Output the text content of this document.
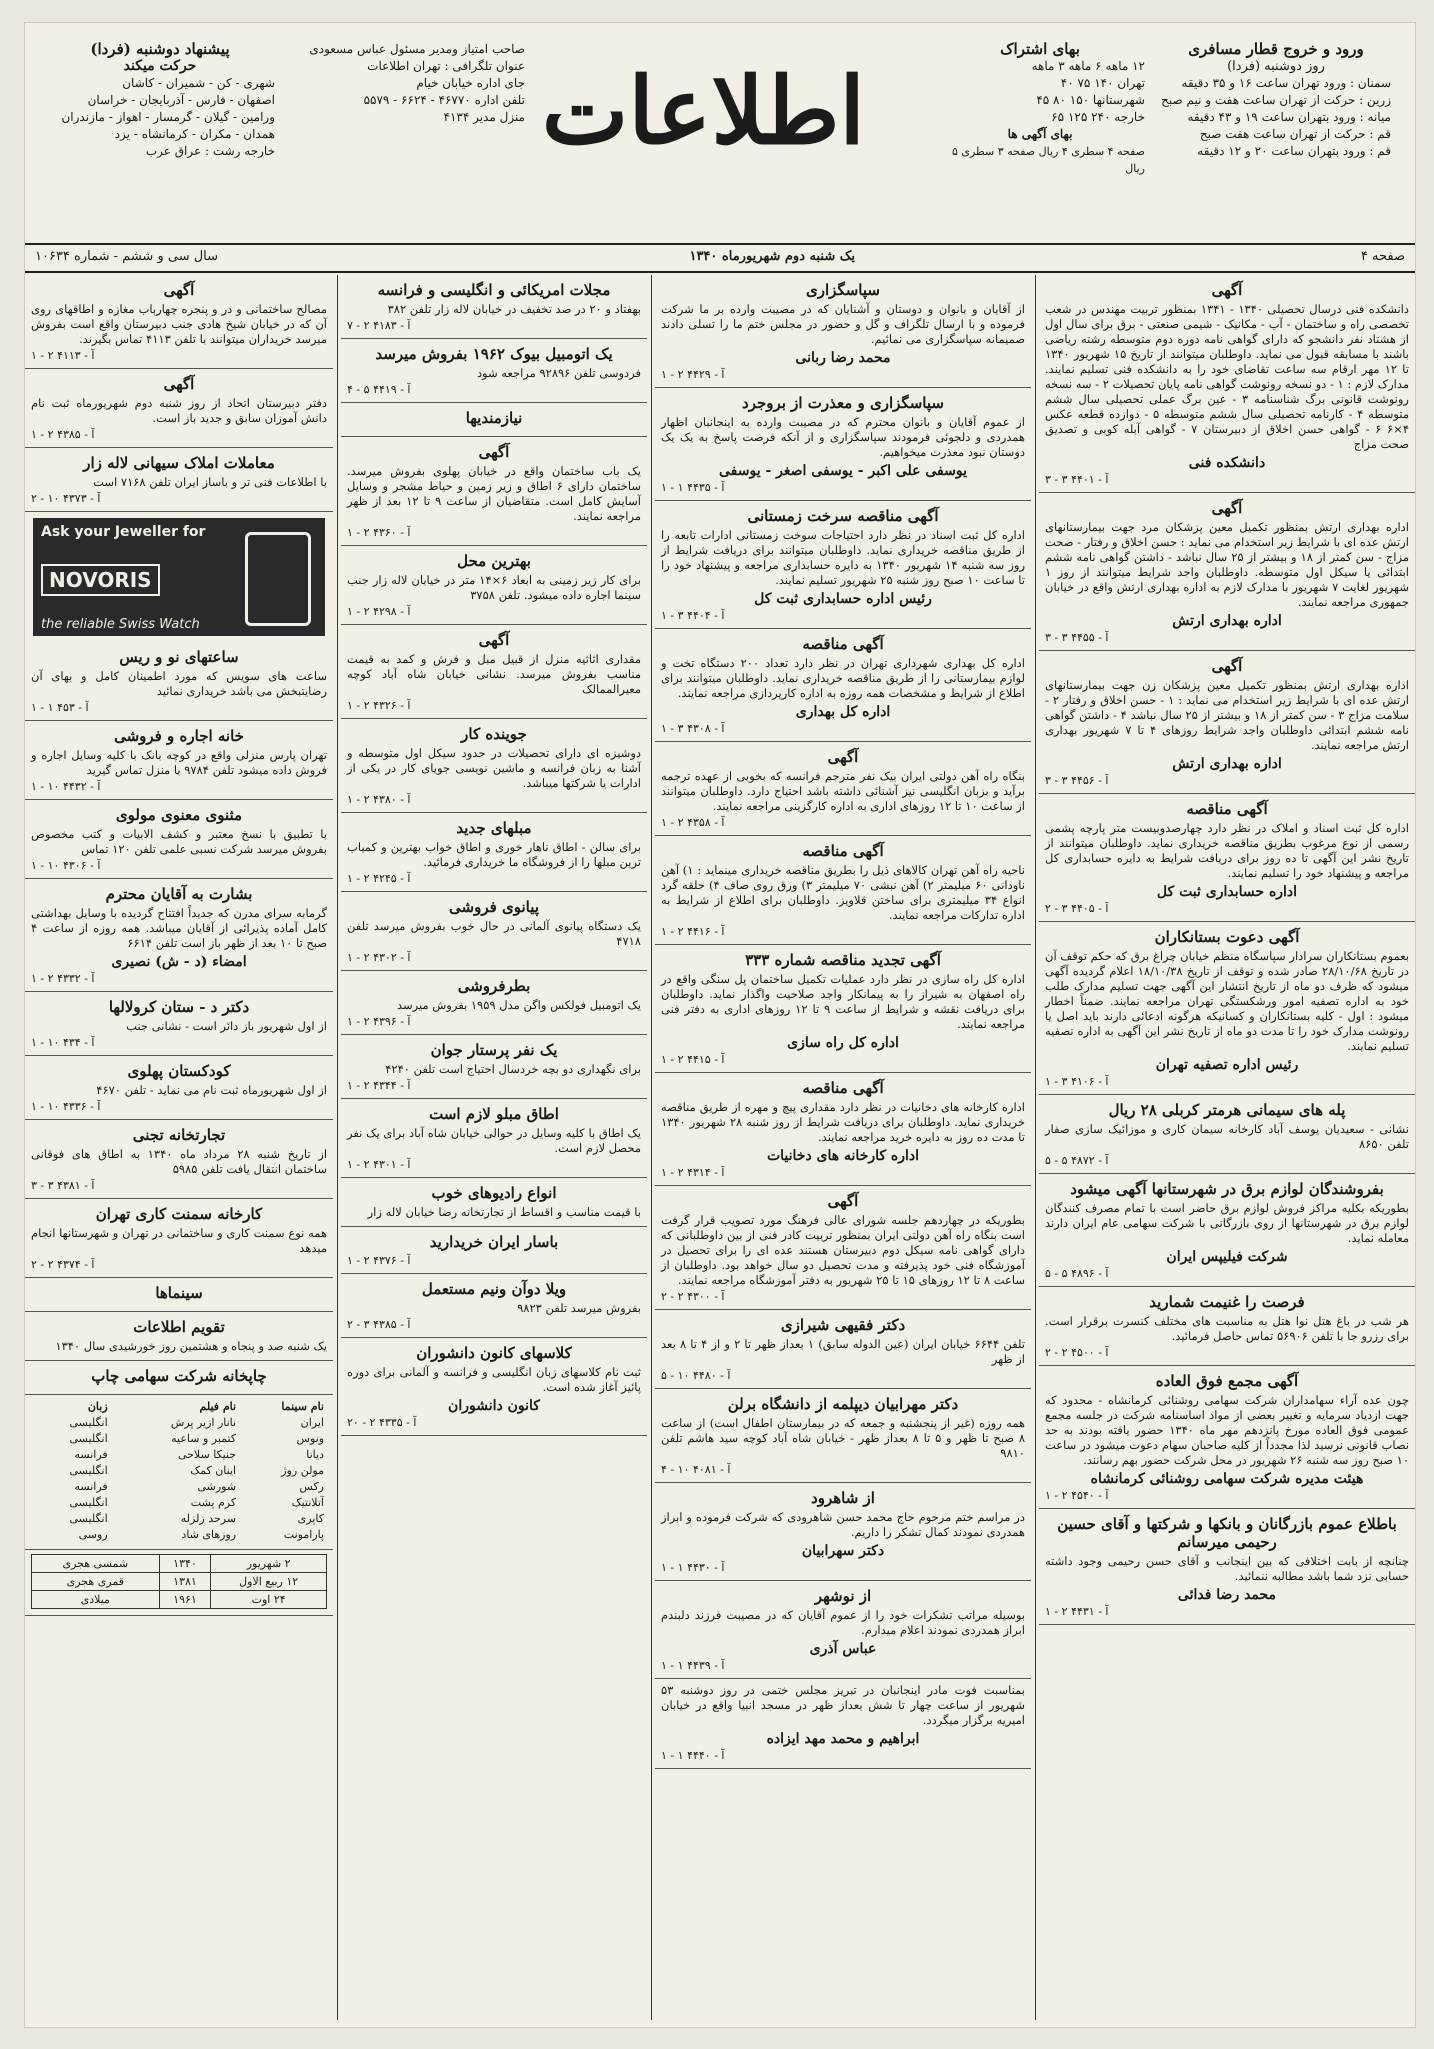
ورود و خروج قطار مسافری
روز دوشنبه (فردا)
سمنان : ورود تهران ساعت ۱۶ و ۳۵ دقیقه
زرین : حرکت از تهران ساعت هفت و نیم صبح
میانه : ورود بتهران ساعت ۱۹ و ۴۳ دقیقه
قم : حرکت از تهران ساعت هفت صبح
قم : ورود بتهران ساعت ۲۰ و ۱۲ دقیقه
بهای اشتراک
۱۲ ماهه ۶ ماهه ۳ ماهه
تهران ۱۴۰ ۷۵ ۴۰
شهرستانها ۱۵۰ ۸۰ ۴۵
خارجه ۲۴۰ ۱۲۵ ۶۵
بهای آگهی ها
صفحه ۴ سطری ۴ ریال صفحه ۳ سطری ۵ ریال
اطلاعات
صاحب امتیاز ومدیر مسئول عباس مسعودی
عنوان تلگرافی : تهران اطلاعات
جای اداره خیابان خیام
تلفن اداره ۴۶۷۷۰ - ۶۶۲۴ - ۵۵۷۹
منزل مدیر ۴۱۳۴
پیشنهاد دوشنبه (فردا)
حرکت میکند
شهری - کن - شمیران - کاشان
اصفهان - فارس - آذربایجان - خراسان
ورامین - گیلان - گرمسار - اهواز - مازندران
همدان - مکران - کرمانشاه - یزد
خارجه رشت : عراق عرب
صفحه ۴
یک شنبه دوم شهریورماه ۱۳۴۰
سال سی و ششم - شماره ۱۰۶۳۴
آگهی

دانشکده فنی درسال تحصیلی ۱۳۴۰ - ۱۳۴۱ بمنظور تربیت مهندس در شعب تخصصی راه و ساختمان - آب - مکانیک - شیمی صنعتی - برق برای سال اول از هشتاد نفر دانشجو که دارای گواهی نامه دوره دوم متوسطه رشته ریاضی باشند با مسابقه قبول می نماید. داوطلبان میتوانند از تاریخ ۱۵ شهریور ۱۳۴۰ تا ۱۲ مهر ارقام سه ساعت تقاضای خود را به دانشکده فنی تسلیم نمایند. مدارک لازم : ۱ - دو نسخه رونوشت گواهی نامه پایان تحصیلات ۲ - سه نسخه رونوشت قانونی برگ شناسنامه ۳ - عین برگ عملی تحصیلی سال ششم متوسطه ۴ - کارنامه تحصیلی سال ششم متوسطه ۵ - دوازده قطعه عکس ۴×۶ ۶ - گواهی حسن اخلاق از دبیرستان ۷ - گواهی آبله کوبی و تصدیق صحت مزاج

دانشکده فنی
آ - ۴۴۰۱ ۳ - ۳
آگهی

اداره بهداری ارتش بمنظور تکمیل معین پزشکان مرد جهت بیمارستانهای ارتش عده ای با شرایط زیر استخدام می نماید : حسن اخلاق و رفتار - صحت مزاج - سن کمتر از ۱۸ و بیشتر از ۲۵ سال نباشد - داشتن گواهی نامه ششم ابتدائی یا سیکل اول متوسطه. داوطلبان واجد شرایط میتوانند از روز ۱ شهریور لغایت ۷ شهریور با مدارک لازم به اداره بهداری ارتش واقع در خیابان جمهوری مراجعه نمایند.

اداره بهداری ارتش
آ - ۴۴۵۵ ۳ - ۳
آگهی

اداره بهداری ارتش بمنظور تکمیل معین پزشکان زن جهت بیمارستانهای ارتش عده ای با شرایط زیر استخدام می نماید : ۱ - حسن اخلاق و رفتار ۲ - سلامت مزاج ۳ - سن کمتر از ۱۸ و بیشتر از ۲۵ سال نباشد ۴ - داشتن گواهی نامه ششم ابتدائی داوطلبان واجد شرایط روزهای ۴ تا ۷ شهریور بهداری ارتش مراجعه نمایند.

اداره بهداری ارتش
آ - ۴۴۵۶ ۳ - ۳
آگهی مناقصه

اداره کل ثبت اسناد و املاک در نظر دارد چهارصدوبیست متر پارچه پشمی رسمی از نوع مرغوب بطریق مناقصه خریداری نماید. داوطلبان میتوانند از تاریخ نشر این آگهی تا ده روز برای دریافت شرایط به دایره حسابداری کل مراجعه و پیشنهاد خود را تسلیم نمایند.

اداره حسابداری ثبت کل
آ - ۴۴۰۵ ۳ - ۲
آگهی دعوت بستانکاران

بعموم بستانکاران سرادار سپاسگاه منظم خیابان چراغ برق که حکم توقف آن در تاریخ ۲۸/۱۰/۶۸ صادر شده و توقف از تاریخ ۱۸/۱۰/۳۸ اعلام گردیده آگهی میشود که ظرف دو ماه از تاریخ انتشار این آگهی جهت تسلیم مدارک طلب خود به اداره تصفیه امور ورشکستگی تهران مراجعه نمایند. ضمناً اخطار میشود : اول - کلیه بستانکاران و کسانیکه هرگونه ادعائی دارند باید اصل یا رونوشت مدارک خود را تا مدت دو ماه از تاریخ نشر این آگهی به اداره تصفیه تسلیم نمایند.

رئیس اداره تصفیه تهران
آ - ۴۱۰۶ ۳ - ۱
پله های سیمانی هرمتر کربلی ۲۸ ریال

نشانی - سعیدیان یوسف آباد کارخانه سیمان کاری و موزائیک سازی صفار تلفن ۸۶۵۰

آ - ۴۸۷۲ ۵ - ۵
بفروشندگان لوازم برق در شهرستانها آگهی میشود

بطوریکه بکلیه مراکز فروش لوازم برق حاضر است با تمام مصرف کنندگان لوازم برق در شهرستانها از روی بازرگانی با شرکت سهامی عام ایران دارند معامله نماید.

شرکت فیلیپس ایران
آ - ۴۸۹۶ ۵ - ۵
فرصت را غنیمت شمارید

هر شب در باغ هتل نوا هتل به مناسبت های مختلف کنسرت برقرار است. برای رزرو جا با تلفن ۵۶۹۰۶ تماس حاصل فرمائید.

آ - ۴۵۰۰ ۲ - ۲
آگهی مجمع فوق العاده

چون عده آراء سهامداران شرکت سهامی روشنائی کرمانشاه - محدود که جهت ازدیاد سرمایه و تغییر بعضی از مواد اساسنامه شرکت در جلسه مجمع عمومی فوق العاده مورخ پانزدهم مهر ماه ۱۳۴۰ حضور یافته بودند به حد نصاب قانونی نرسید لذا مجدداً از کلیه صاحبان سهام دعوت میشود در ساعت ۱۰ صبح روز سه شنبه ۲۶ شهریور در محل شرکت حضور بهم رسانند.

هیئت مدیره شرکت سهامی روشنائی کرمانشاه
آ - ۴۵۴۰ ۲ - ۱
باطلاع عموم بازرگانان و بانکها و شرکتها و آقای حسین رحیمی میرسانم

چنانچه از بابت اختلافی که بین اینجانب و آقای حسن رحیمی وجود داشته حسابی نزد شما باشد مطالبه ننمائید.

محمد رضا فدائی
آ - ۴۴۳۱ ۲ - ۱
سپاسگزاری

از آقایان و بانوان و دوستان و آشنایان که در مصیبت وارده بر ما شرکت فرموده و با ارسال تلگراف و گل و حضور در مجلس ختم ما را تسلی دادند صمیمانه سپاسگزاری می نمائیم.

محمد رضا ربانی
آ - ۴۴۲۹ ۲ - ۱
سپاسگزاری و معذرت از بروجرد

از عموم آقایان و بانوان محترم که در مصیبت وارده به اینجانبان اظهار همدردی و دلجوئی فرمودند سپاسگزاری و از آنکه فرصت پاسخ به یک یک دوستان نبود معذرت میخواهیم.

یوسفی علی اکبر - یوسفی اصغر - یوسفی
آ - ۴۴۳۵ ۱ - ۱
آگهی مناقصه سرخت زمستانی

اداره کل ثبت اسناد در نظر دارد احتیاجات سوخت زمستانی ادارات تابعه را از طریق مناقصه خریداری نماید. داوطلبان میتوانند برای دریافت شرایط از روز سه شنبه ۱۴ شهریور ۱۳۴۰ به دایره حسابداری مراجعه و پیشنهاد خود را تا ساعت ۱۰ صبح روز شنبه ۲۵ شهریور تسلیم نمایند.

رئیس اداره حسابداری ثبت کل
آ - ۴۴۰۴ ۳ - ۱
آگهی مناقصه

اداره کل بهداری شهرداری تهران در نظر دارد تعداد ۲۰۰ دستگاه تخت و لوازم بیمارستانی را از طریق مناقصه خریداری نماید. داوطلبان میتوانند برای اطلاع از شرایط و مشخصات همه روزه به اداره کارپردازی مراجعه نمایند.

اداره کل بهداری
آ - ۴۳۰۸ ۳ - ۱
آگهی

بنگاه راه آهن دولتی ایران بیک نفر مترجم فرانسه که بخوبی از عهده ترجمه برآید و بزبان انگلیسی نیز آشنائی داشته باشد احتیاج دارد. داوطلبان میتوانند از ساعت ۱۰ تا ۱۲ روزهای اداری به اداره کارگزینی مراجعه نمایند.

آ - ۴۳۵۸ ۲ - ۱
آگهی مناقصه

ناحیه راه آهن تهران کالاهای ذیل را بطریق مناقصه خریداری مینماید : ۱) آهن ناودانی ۶۰ میلیمتر ۲) آهن نبشی ۷۰ میلیمتر ۳) ورق روی صاف ۴) حلقه گرد انواع ۳۴ میلیمتری برای ساختن قلاویز. داوطلبان برای اطلاع از شرایط به اداره تدارکات مراجعه نمایند.

آ - ۴۴۱۶ ۲ - ۱
آگهی تجدید مناقصه شماره ۳۳۳

اداره کل راه سازی در نظر دارد عملیات تکمیل ساختمان پل سنگی واقع در راه اصفهان به شیراز را به پیمانکار واجد صلاحیت واگذار نماید. داوطلبان برای دریافت نقشه و شرایط از ساعت ۹ تا ۱۲ روزهای اداری به دفتر فنی مراجعه نمایند.

اداره کل راه سازی
آ - ۴۴۱۵ ۲ - ۱
آگهی مناقصه

اداره کارخانه های دخانیات در نظر دارد مقداری پیچ و مهره از طریق مناقصه خریداری نماید. داوطلبان برای دریافت شرایط از روز شنبه ۲۸ شهریور ۱۳۴۰ تا مدت ده روز به دایره خرید مراجعه نمایند.

اداره کارخانه های دخانیات
آ - ۴۳۱۴ ۲ - ۱
آگهی

بطوریکه در چهاردهم جلسه شورای عالی فرهنگ مورد تصویب قرار گرفت است بنگاه راه آهن دولتی ایران بمنظور تربیت کادر فنی از بین داوطلبانی که دارای گواهی نامه سیکل دوم دبیرستان هستند عده ای را برای تحصیل در آموزشگاه فنی خود پذیرفته و مدت تحصیل دو سال خواهد بود. داوطلبان از ساعت ۸ تا ۱۲ روزهای ۱۵ تا ۲۵ شهریور به دفتر آموزشگاه مراجعه نمایند.

آ - ۴۳۰۰ ۲ - ۲
دکتر فقیهی شیرازی

تلفن ۶۶۴۴ خیابان ایران (عین الدوله سابق) ۱ بعداز ظهر تا ۲ و از ۴ تا ۸ بعد از ظهر

آ - ۴۴۸۰ ۱۰ - ۵
دکتر مهرابیان دیپلمه از دانشگاه برلن

همه روزه (غیر از پنجشنبه و جمعه که در بیمارستان اطفال است) از ساعت ۸ صبح تا ظهر و ۵ تا ۸ بعداز ظهر - خیابان شاه آباد کوچه سید هاشم تلفن ۹۸۱۰

آ - ۴۰۸۱ ۱۰ - ۴
از شاهرود

در مراسم ختم مرحوم حاج محمد حسن شاهرودی که شرکت فرموده و ابراز همدردی نمودند کمال تشکر را داریم.

دکتر سهرابیان
آ - ۴۴۳۰ ۱ - ۱
از نوشهر

بوسیله مراتب تشکرات خود را از عموم آقایان که در مصیبت فرزند دلبندم ابراز همدردی نمودند اعلام میدارم.

عباس آذری
آ - ۴۴۳۹ ۱ - ۱

بمناسبت فوت مادر اینجانبان در تبریز مجلس ختمی در روز دوشنبه ۵۳ شهریور از ساعت چهار تا شش بعداز ظهر در مسجد انبیا واقع در خیابان امیریه برگزار میگردد.

ابراهیم و محمد مهد ایزاده
آ - ۴۴۴۰ ۱ - ۱
مجلات امریکائی و انگلیسی و فرانسه

بهفتاد و ۲۰ در صد تخفیف در خیابان لاله زار تلفن ۳۸۲

آ - ۴۱۸۳ ۲ - ۷
یک اتومبیل بیوک ۱۹۶۲ بفروش میرسد

فردوسی تلفن ۹۲۸۹۶ مراجعه شود

آ - ۴۴۱۹ ۵ - ۴
نیازمندیها
آگهی

یک باب ساختمان واقع در خیابان پهلوی بفروش میرسد. ساختمان دارای ۶ اطاق و زیر زمین و حیاط مشجر و وسایل آسایش کامل است. متقاضیان از ساعت ۹ تا ۱۲ بعد از ظهر مراجعه نمایند.

آ - ۴۳۶۰ ۲ - ۱
بهترین محل

برای کار زیر زمینی به ابعاد ۶×۱۴ متر در خیابان لاله زار جنب سینما اجاره داده میشود. تلفن ۳۷۵۸

آ - ۴۲۹۸ ۲ - ۱
آگهی

مقداری اثاثیه منزل از قبیل مبل و فرش و کمد به قیمت مناسب بفروش میرسد. نشانی خیابان شاه آباد کوچه معیرالممالک

آ - ۴۳۲۶ ۲ - ۱
جوینده کار

دوشیزه ای دارای تحصیلات در حدود سیکل اول متوسطه و آشنا به زبان فرانسه و ماشین نویسی جویای کار در یکی از ادارات یا شرکتها میباشد.

آ - ۴۳۸۰ ۲ - ۱
مبلهای جدید

برای سالن - اطاق ناهار خوری و اطاق خواب بهترین و کمیاب ترین مبلها را از فروشگاه ما خریداری فرمائید.

آ - ۴۲۴۵ ۲ - ۱
پیانوی فروشی

یک دستگاه پیانوی آلمانی در حال خوب بفروش میرسد تلفن ۴۷۱۸

آ - ۴۳۰۲ ۲ - ۱
بطرفروشی

یک اتومبیل فولکس واگن مدل ۱۹۵۹ بفروش میرسد

آ - ۴۳۹۶ ۲ - ۱
یک نفر پرستار جوان

برای نگهداری دو بچه خردسال احتیاج است تلفن ۴۲۴۰

آ - ۴۳۴۴ ۲ - ۱
اطاق مبلو لازم است

یک اطاق با کلیه وسایل در حوالی خیابان شاه آباد برای یک نفر محصل لازم است.

آ - ۴۳۰۱ ۲ - ۱
انواع رادیوهای خوب

با قیمت مناسب و اقساط از تجارتخانه رضا خیابان لاله زار

باسار ایران خریدارید
آ - ۴۳۷۶ ۲ - ۱
ویلا دوآن ونیم مستعمل

بفروش میرسد تلفن ۹۸۲۳

آ - ۴۳۸۵ ۳ - ۲
کلاسهای کانون دانشوران

ثبت نام کلاسهای زبان انگلیسی و فرانسه و آلمانی برای دوره پائیز آغاز شده است.

کانون دانشوران
آ - ۴۳۳۵ ۲ - ۲۰
آگهی

مصالح ساختمانی و در و پنجره چهارباب مغازه و اطاقهای روی آن که در خیابان شیخ هادی جنب دبیرستان واقع است بفروش میرسد خریداران میتوانند با تلفن ۴۱۱۳ تماس بگیرند.

آ - ۴۱۱۳ ۲ - ۱
آگهی

دفتر دبیرستان اتحاد از روز شنبه دوم شهریورماه ثبت نام دانش آموزان سابق و جدید باز است.

آ - ۴۳۸۵ ۲ - ۱
معاملات املاک سیهانی لاله زار

با اطلاعات فنی تر و باساز ایران تلفن ۷۱۶۸ است

آ - ۴۳۷۳ ۱۰ - ۲
Ask your Jeweller for
NOVORIS
the reliable Swiss Watch
ساعتهای نو و ریس

ساعت های سویس که مورد اطمینان کامل و بهای آن رضایتبخش می باشد خریداری نمائید

آ - ۴۵۳ ۱ - ۱
خانه اجاره و فروشی

تهران پارس منزلی واقع در کوچه بانک با کلیه وسایل اجاره و فروش داده میشود تلفن ۹۷۸۴ با منزل تماس گیرید

آ - ۴۴۳۲ ۱۰ - ۱
مثنوی معنوی مولوی

با تطبیق با نسخ معتبر و کشف الابیات و کتب مخصوص بفروش میرسد شرکت نسبی علمی تلفن ۱۲۰ تماس

آ - ۴۳۰۶ ۱۰ - ۱
بشارت به آقایان محترم

گرمابه سرای مدرن که جدیداً افتتاح گردیده با وسایل بهداشتی کامل آماده پذیرائی از آقایان میباشد. همه روزه از ساعت ۴ صبح تا ۱۰ بعد از ظهر باز است تلفن ۶۶۱۴

امضاء (د - ش) نصیری
آ - ۴۳۳۲ ۲ - ۱
دکتر د - ستان کرولالها

از اول شهریور باز دائر است - نشانی جنب

آ - ۴۳۴ ۱۰ - ۱
کودکستان پهلوی

از اول شهریورماه ثبت نام می نماید - تلفن ۴۶۷۰

آ - ۴۳۳۶ ۱۰ - ۱
تجارتخانه تجنی

از تاریخ شنبه ۲۸ مرداد ماه ۱۳۴۰ به اطاق های فوقانی ساختمان انتقال یافت تلفن ۵۹۸۵

آ - ۴۳۸۱ ۳ - ۳
کارخانه سمنت کاری تهران

همه نوع سمنت کاری و ساختمانی در تهران و شهرستانها انجام میدهد

آ - ۴۳۷۴ ۲ - ۲
سینماها
تقویم اطلاعات

یک شنبه صد و پنجاه و هشتمین روز خورشیدی سال ۱۳۴۰

چاپخانه شرکت سهامی چاپ
نام سینما	نام فیلم	زبان
ایران	نانار ازیر پرش	انگلیسی
ونوس	کتمبر و ساعیه	انگلیسی
دیانا	جنیکا سلاحی	فرانسه
مولن روژ	اینان کمک	انگلیسی
رکس	شورشی	فرانسه
آتلانتیک	کرم پشت	انگلیسی
کاپری	سرحد زلزله	انگلیسی
پارامونت	روزهای شاد	روسی
۲ شهریور	۱۳۴۰	شمسی هجری
۱۲ ربیع الاول	۱۳۸۱	قمری هجری
۲۴ اوت	۱۹۶۱	میلادی
